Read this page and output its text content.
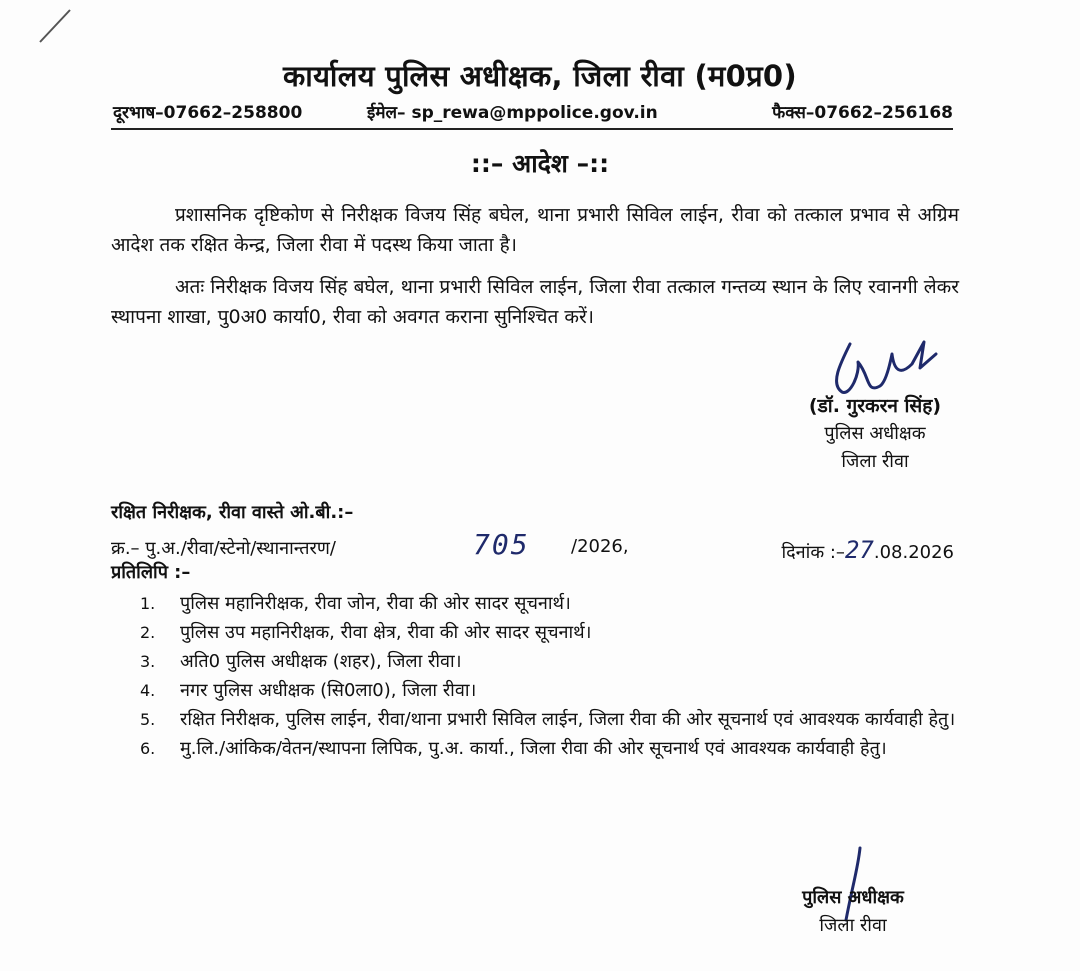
कार्यालय पुलिस अधीक्षक, जिला रीवा (म0प्र0)
दूरभाष–07662–258800	ईमेल– sp_rewa@mppolice.gov.in	फैक्स–07662–256168
::– आदेश –::
प्रशासनिक दृष्टिकोण से निरीक्षक विजय सिंह बघेल, थाना प्रभारी सिविल लाईन, रीवा को तत्काल प्रभाव से अग्रिम आदेश तक रक्षित केन्द्र, जिला रीवा में पदस्थ किया जाता है।
अतः निरीक्षक विजय सिंह बघेल, थाना प्रभारी सिविल लाईन, जिला रीवा तत्काल गन्तव्य स्थान के लिए रवानगी लेकर स्थापना शाखा, पु0अ0 कार्या0, रीवा को अवगत कराना सुनिश्चित करें।
(डॉ. गुरकरन सिंह)
पुलिस अधीक्षक
जिला रीवा
रक्षित निरीक्षक, रीवा वास्ते ओ.बी.:–
क्र.– पु.अ./रीवा/स्टेनो/स्थानान्तरण/	705 /2026,	दिनांक :–27.08.2026
प्रतिलिपि :–
1. पुलिस महानिरीक्षक, रीवा जोन, रीवा की ओर सादर सूचनार्थ।
2. पुलिस उप महानिरीक्षक, रीवा क्षेत्र, रीवा की ओर सादर सूचनार्थ।
3. अति0 पुलिस अधीक्षक (शहर), जिला रीवा।
4. नगर पुलिस अधीक्षक (सि0ला0), जिला रीवा।
5. रक्षित निरीक्षक, पुलिस लाईन, रीवा/थाना प्रभारी सिविल लाईन, जिला रीवा की ओर सूचनार्थ एवं आवश्यक कार्यवाही हेतु।
6. मु.लि./आंकिक/वेतन/स्थापना लिपिक, पु.अ. कार्या., जिला रीवा की ओर सूचनार्थ एवं आवश्यक कार्यवाही हेतु।
पुलिस अधीक्षक
जिला रीवा
